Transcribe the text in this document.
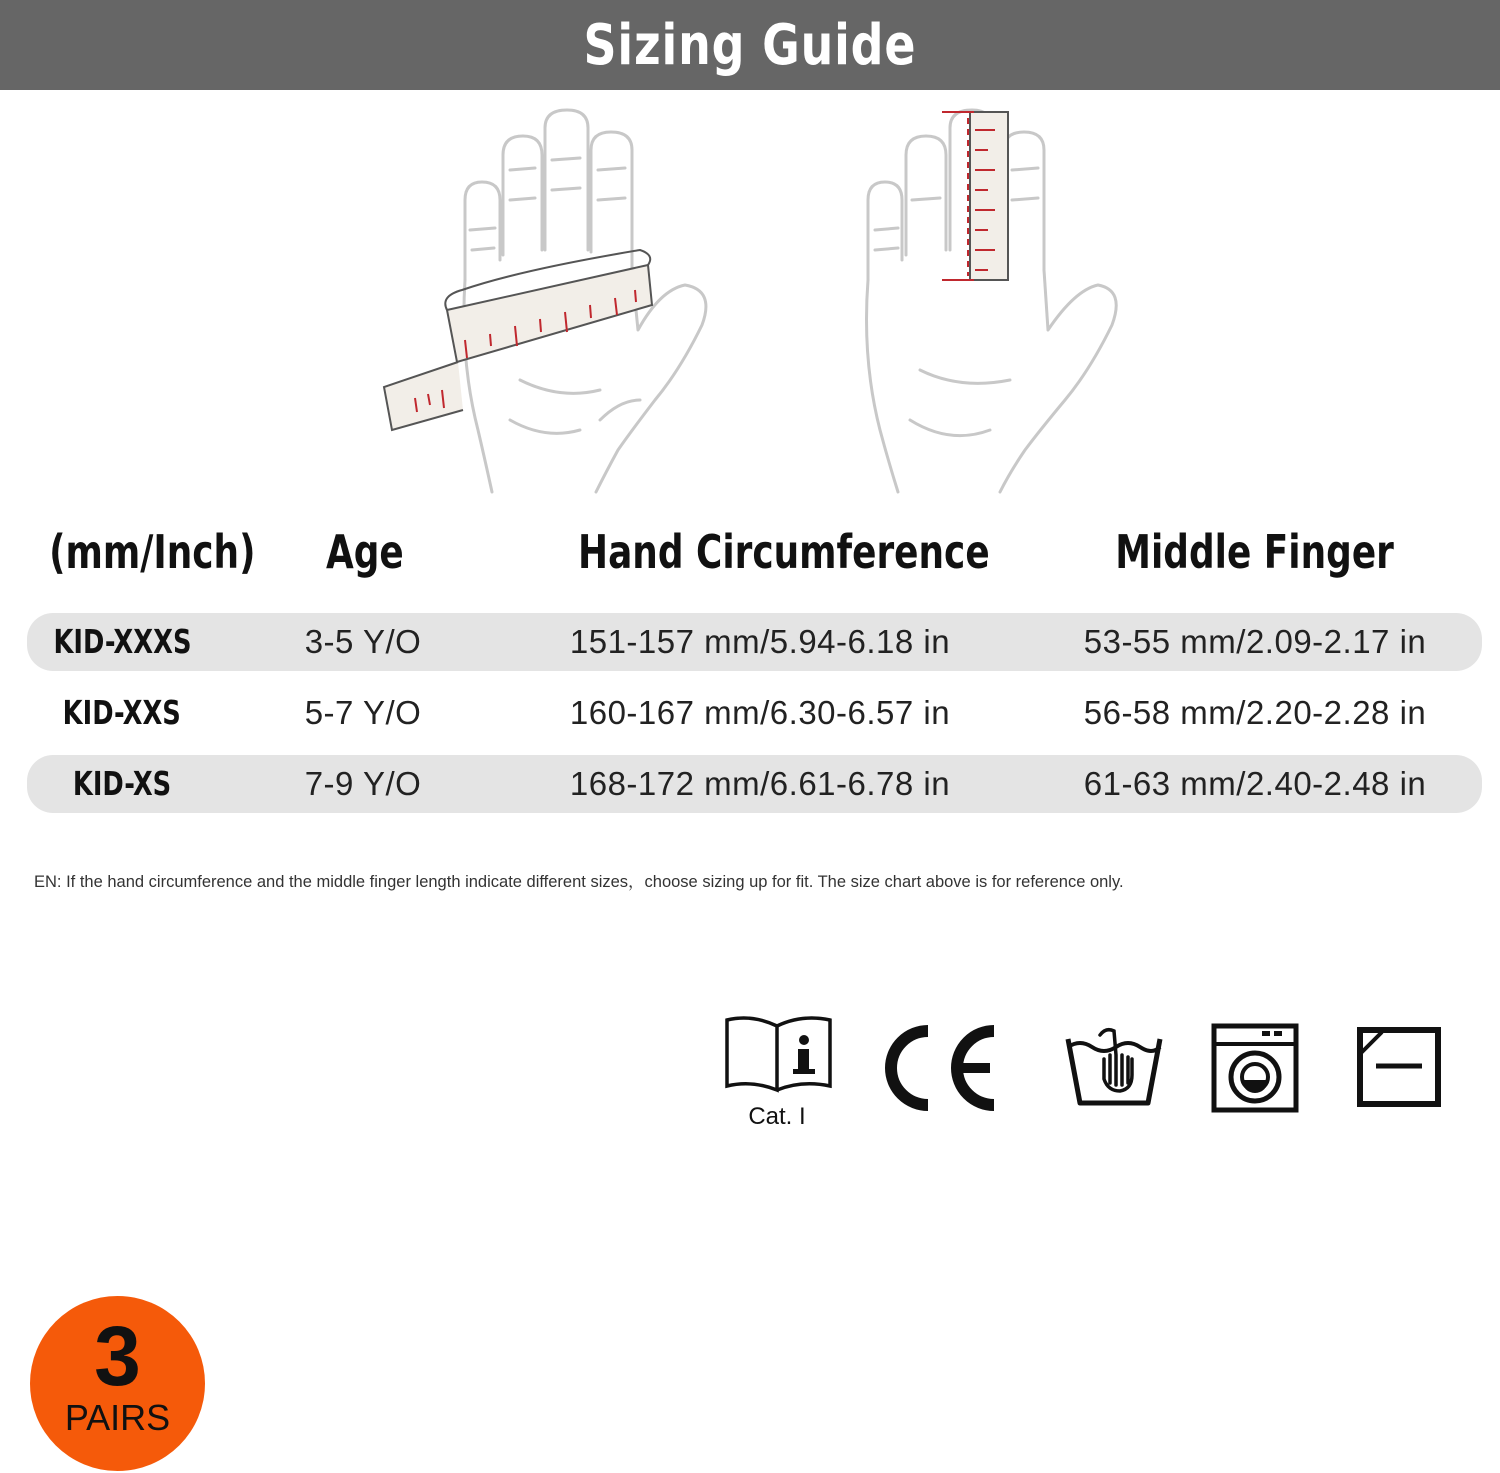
Sizing Guide
(mm/Inch)	Age	Hand Circumference	Middle Finger
KID-XXXS	3-5 Y/O	151-157 mm/5.94-6.18 in	53-55 mm/2.09-2.17 in
KID-XXS	5-7 Y/O	160-167 mm/6.30-6.57 in	56-58 mm/2.20-2.28 in
KID-XS	7-9 Y/O	168-172 mm/6.61-6.78 in	61-63 mm/2.40-2.48 in
EN: If the hand circumference and the middle finger length indicate different sizes，choose sizing up for fit. The size chart above is for reference only.
Cat. I
3
PAIRS
